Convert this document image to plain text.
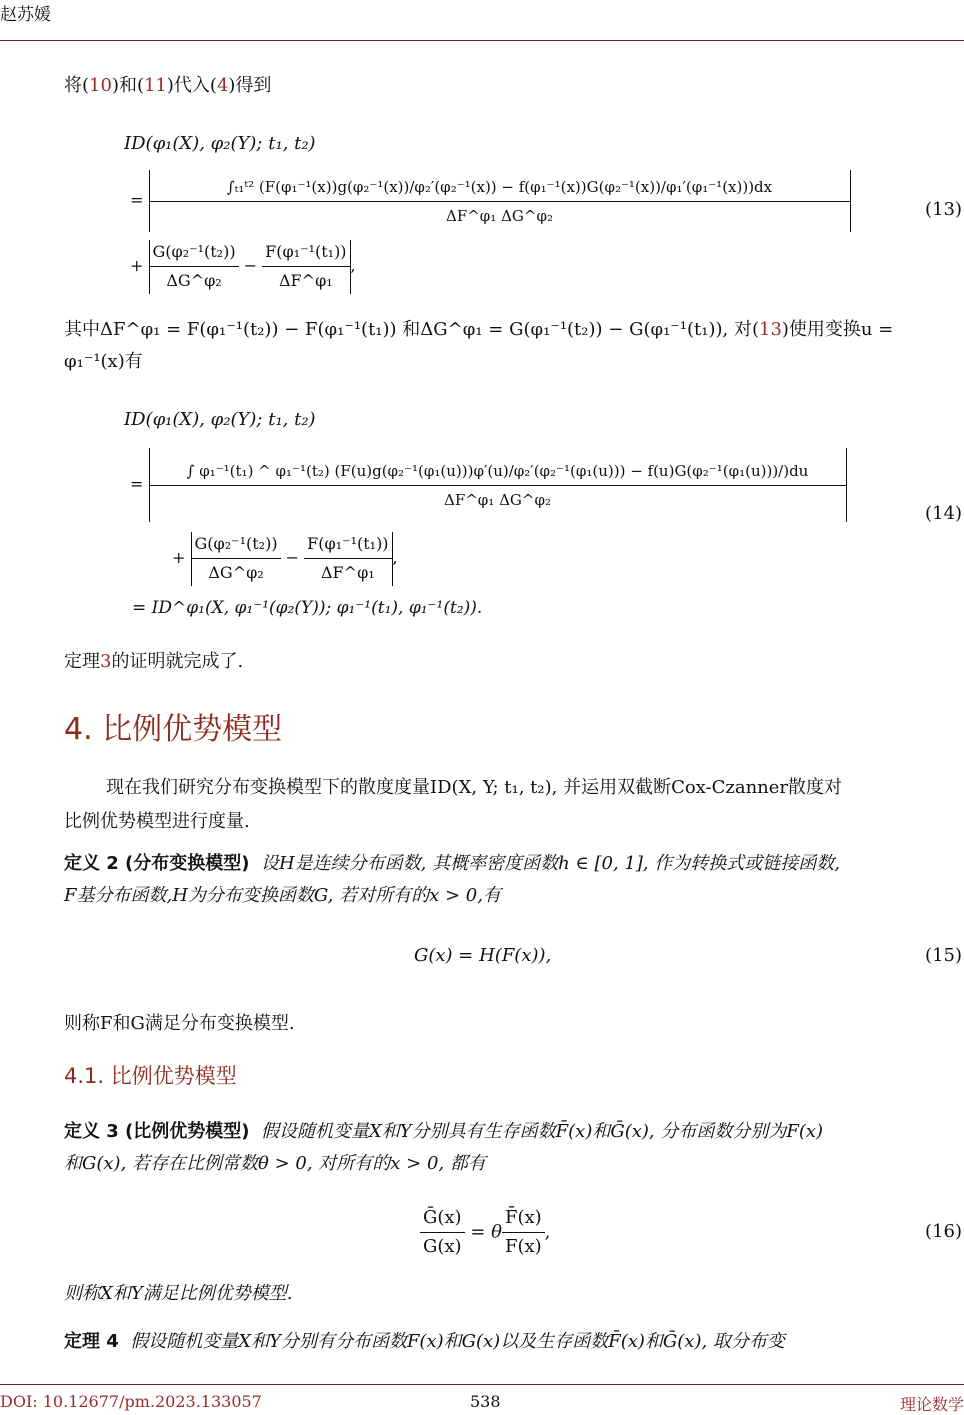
赵苏媛
将(10)和(11)代入(4)得到
ID(φ₁(X), φ₂(Y); t₁, t₂)
=
∫ₜ₁ᵗ² (F(φ₁⁻¹(x))g(φ₂⁻¹(x))/φ₂′(φ₂⁻¹(x)) − f(φ₁⁻¹(x))G(φ₂⁻¹(x))/φ₁′(φ₁⁻¹(x)))dx
ΔF^φ₁ ΔG^φ₂	(13)
+ $\frac{\text{G(φ₂⁻¹(t₂))}}{\text{ΔG\textasciicircum{}φ₂}} - \frac{\text{F(φ₁⁻¹(t₁))}}{\text{ΔF\textasciicircum{}φ₁}}$ ,
其中ΔF^φ₁ = F(φ₁⁻¹(t₂)) − F(φ₁⁻¹(t₁)) 和ΔG^φ₁ = G(φ₁⁻¹(t₂)) − G(φ₁⁻¹(t₁)), 对(13)使用变换u =
φ₁⁻¹(x)有
ID(φ₁(X), φ₂(Y); t₁, t₂)
=
∫ φ₁⁻¹(t₁) ^ φ₁⁻¹(t₂) (F(u)g(φ₂⁻¹(φ₁(u)))φ′(u)/φ₂′(φ₂⁻¹(φ₁(u))) − f(u)G(φ₂⁻¹(φ₁(u)))/)du
ΔF^φ₁ ΔG^φ₂
(14)
+ $\frac{\text{G(φ₂⁻¹(t₂))}}{\text{ΔG\textasciicircum{}φ₂}} - \frac{\text{F(φ₁⁻¹(t₁))}}{\text{ΔF\textasciicircum{}φ₁}}$ ,
= ID^φ₁(X, φ₁⁻¹(φ₂(Y)); φ₁⁻¹(t₁), φ₁⁻¹(t₂)).
定理3的证明就完成了.
4. 比例优势模型
现在我们研究分布变换模型下的散度度量ID(X, Y; t₁, t₂), 并运用双截断Cox-Czanner散度对
比例优势模型进行度量.
定义 2 (分布变换模型) 设H是连续分布函数, 其概率密度函数h ∈ [0, 1], 作为转换式或链接函数,
F基分布函数,H为分布变换函数G, 若对所有的x > 0,有
G(x) = H(F(x)),	(15)
则称F和G满足分布变换模型.
4.1. 比例优势模型
定义 3 (比例优势模型) 假设随机变量X和Y分别具有生存函数F̄(x)和Ḡ(x), 分布函数分别为F(x)
和G(x), 若存在比例常数θ > 0, 对所有的x > 0, 都有
$\frac{\text{Ḡ(x)}}{G(x)} = \theta \frac{F̄(x)}{F(x)}$ ,	(16)
则称X和Y满足比例优势模型.
定理 4 假设随机变量X和Y分别有分布函数F(x)和G(x)以及生存函数F̄(x)和Ḡ(x), 取分布变
DOI: 10.12677/pm.2023.133057	538	理论数学
